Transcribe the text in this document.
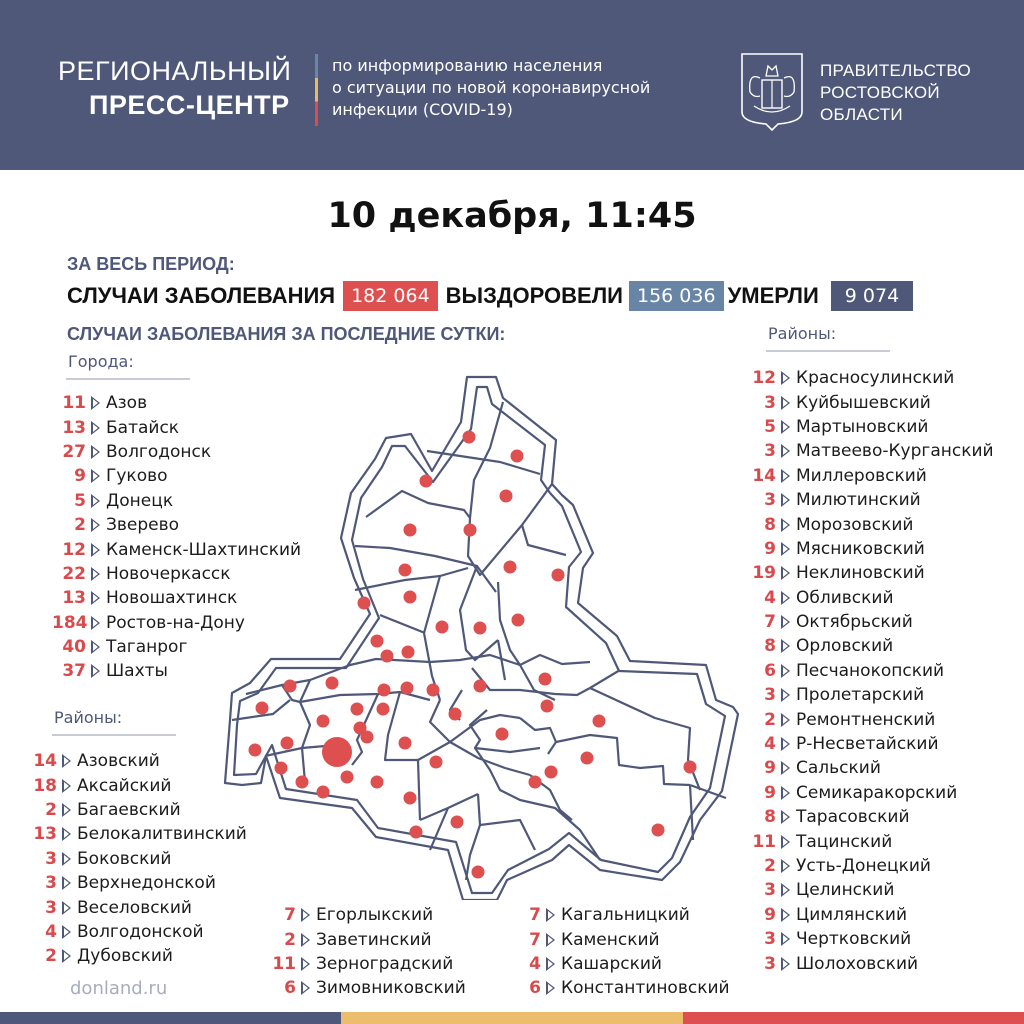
РЕГИОНАЛЬНЫЙ
ПРЕСС-ЦЕНТР
по информированию населения
о ситуации по новой коронавирусной
инфекции (COVID-19)
ПРАВИТЕЛЬСТВО
РОСТОВСКОЙ
ОБЛАСТИ
10 декабря, 11:45
ЗА ВЕСЬ ПЕРИОД:
СЛУЧАИ ЗАБОЛЕВАНИЯ 182 064 ВЫЗДОРОВЕЛИ 156 036 УМЕРЛИ	9 074
СЛУЧАИ ЗАБОЛЕВАНИЯ ЗА ПОСЛЕДНИЕ СУТКИ:
Города:
11 Азов
13 Батайск
27 Волгодонск
9 Гуково
5 Донецк
2 Зверево
12 Каменск-Шахтинский
22 Новочеркасск
13 Новошахтинск
184 Ростов-на-Дону
40 Таганрог
37 Шахты
Районы:
14 Азовский
18 Аксайский
2 Багаевский
13 Белокалитвинский
3 Боковский
3 Верхнедонской
3 Веселовский
4 Волгодонской
2 Дубовский
7 Егорлыкский
2 Заветинский
11 Зерноградский
6 Зимовниковский
7 Кагальницкий
7 Каменский
4 Кашарский
6 Константиновский
Районы:
12 Красносулинский
3 Куйбышевский
5 Мартыновский
3 Матвеево-Курганский
14 Миллеровский
3 Милютинский
8 Морозовский
9 Мясниковский
19 Неклиновский
4 Обливский
7 Октябрьский
8 Орловский
6 Песчанокопский
3 Пролетарский
2 Ремонтненский
4 Р-Несветайский
9 Сальский
9 Семикаракорский
8 Тарасовский
11 Тацинский
2 Усть-Донецкий
3 Целинский
9 Цимлянский
3 Чертковский
3 Шолоховский
donland.ru
